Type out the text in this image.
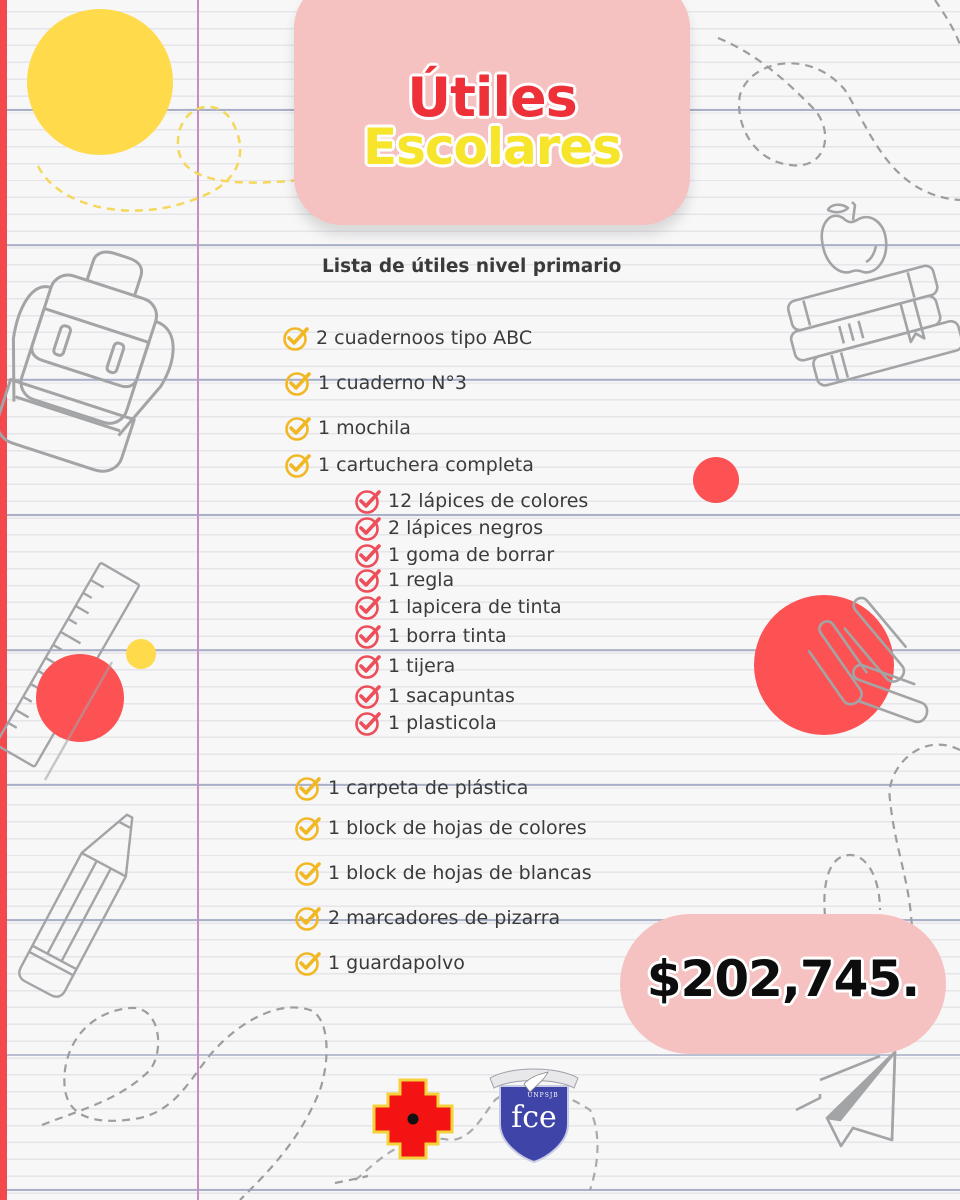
Útiles
Escolares
Lista de útiles nivel primario
2 cuadernoos tipo ABC
1 cuaderno N°3
1 mochila
1 cartuchera completa
12 lápices de colores
2 lápices negros
1 goma de borrar
1 regla
1 lapicera de tinta
1 borra tinta
1 tijera
1 sacapuntas
1 plasticola
1 carpeta de plástica
1 block de hojas de colores
1 block de hojas de blancas
2 marcadores de pizarra
1 guardapolvo	$202,745.
UNPSJB
fce
